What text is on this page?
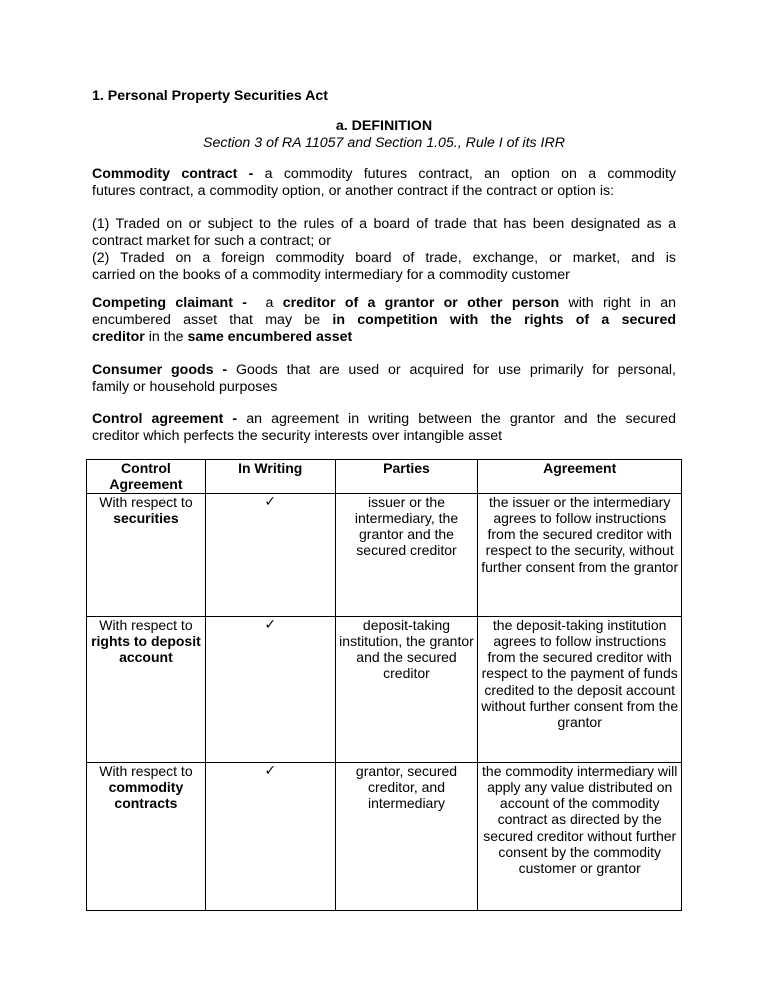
1. Personal Property Securities Act
a. DEFINITION
Section 3 of RA 11057 and Section 1.05., Rule I of its IRR
Commodity contract - a commodity futures contract, an option on a commodity
futures contract, a commodity option, or another contract if the contract or option is:
(1) Traded on or subject to the rules of a board of trade that has been designated as a
contract market for such a contract; or
(2) Traded on a foreign commodity board of trade, exchange, or market, and is
carried on the books of a commodity intermediary for a commodity customer
Competing claimant - a creditor of a grantor or other person with right in an
encumbered asset that may be in competition with the rights of a secured
creditor in the same encumbered asset
Consumer goods - Goods that are used or acquired for use primarily for personal,
family or household purposes
Control agreement - an agreement in writing between the grantor and the secured
creditor which perfects the security interests over intangible asset
Control Agreement	In Writing	Parties	Agreement
With respect to
securities	✓	issuer or the intermediary, the grantor and the secured creditor	the issuer or the intermediary agrees to follow instructions from the secured creditor with respect to the security, without further consent from the grantor
With respect to
rights to deposit account	✓	deposit-taking institution, the grantor and the secured creditor	the deposit-taking institution agrees to follow instructions from the secured creditor with respect to the payment of funds credited to the deposit account without further consent from the grantor
With respect to
commodity contracts	✓	grantor, secured creditor, and intermediary	the commodity intermediary will apply any value distributed on account of the commodity contract as directed by the secured creditor without further consent by the commodity customer or grantor
